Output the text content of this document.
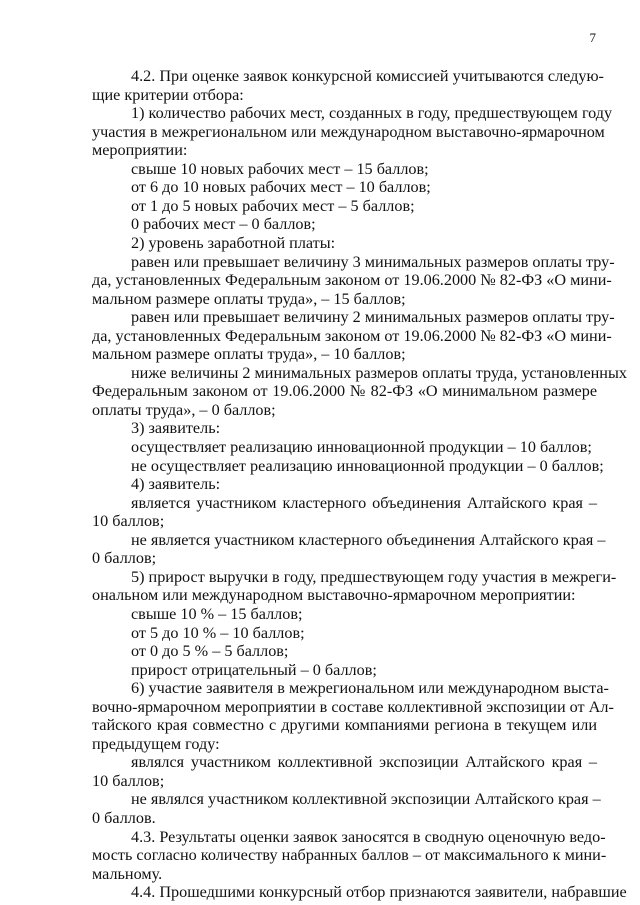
7
4.2. При оценке заявок конкурсной комиссией учитываются следую-
щие критерии отбора:
1) количество рабочих мест, созданных в году, предшествующем году
участия в межрегиональном или международном выставочно-ярмарочном
мероприятии:
свыше 10 новых рабочих мест – 15 баллов;
от 6 до 10 новых рабочих мест – 10 баллов;
от 1 до 5 новых рабочих мест – 5 баллов;
0 рабочих мест – 0 баллов;
2) уровень заработной платы:
равен или превышает величину 3 минимальных размеров оплаты тру-
да, установленных Федеральным законом от 19.06.2000 № 82-ФЗ «О мини-
мальном размере оплаты труда», – 15 баллов;
равен или превышает величину 2 минимальных размеров оплаты тру-
да, установленных Федеральным законом от 19.06.2000 № 82-ФЗ «О мини-
мальном размере оплаты труда», – 10 баллов;
ниже величины 2 минимальных размеров оплаты труда, установленных
Федеральным законом от 19.06.2000 № 82-ФЗ «О минимальном размере
оплаты труда», – 0 баллов;
3) заявитель:
осуществляет реализацию инновационной продукции – 10 баллов;
не осуществляет реализацию инновационной продукции – 0 баллов;
4) заявитель:
является участником кластерного объединения Алтайского края –
10 баллов;
не является участником кластерного объединения Алтайского края –
0 баллов;
5) прирост выручки в году, предшествующем году участия в межреги-
ональном или международном выставочно-ярмарочном мероприятии:
свыше 10 % – 15 баллов;
от 5 до 10 % – 10 баллов;
от 0 до 5 % – 5 баллов;
прирост отрицательный – 0 баллов;
6) участие заявителя в межрегиональном или международном выста-
вочно-ярмарочном мероприятии в составе коллективной экспозиции от Ал-
тайского края совместно с другими компаниями региона в текущем или
предыдущем году:
являлся участником коллективной экспозиции Алтайского края –
10 баллов;
не являлся участником коллективной экспозиции Алтайского края –
0 баллов.
4.3. Результаты оценки заявок заносятся в сводную оценочную ведо-
мость согласно количеству набранных баллов – от максимального к мини-
мальному.
4.4. Прошедшими конкурсный отбор признаются заявители, набравшие
